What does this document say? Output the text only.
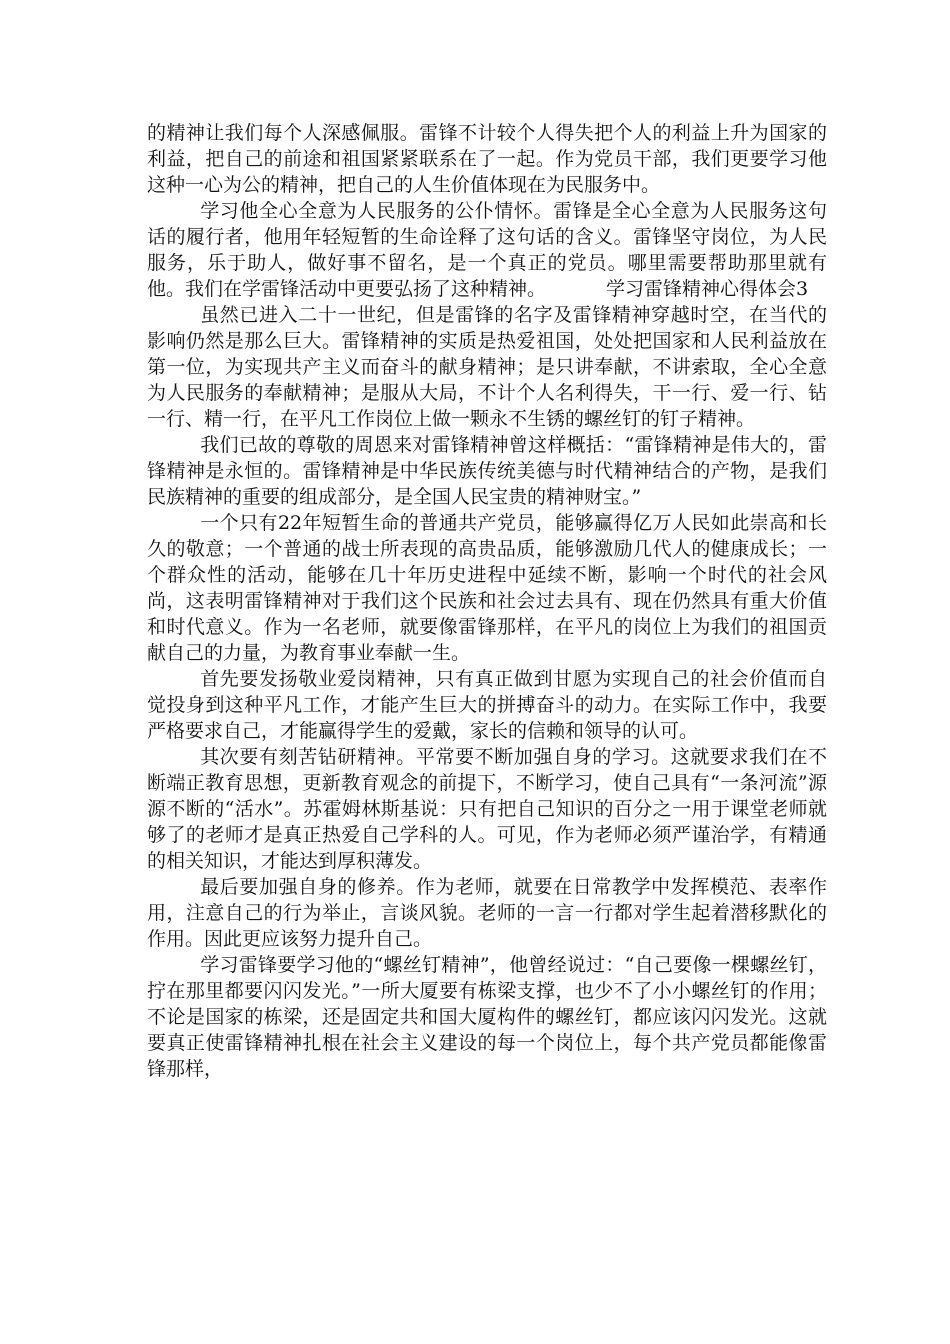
的精神让我们每个人深感佩服。雷锋不计较个人得失把个人的利益上升为国家的利益，把自己的前途和祖国紧紧联系在了一起。作为党员干部，我们更要学习他这种一心为公的精神，把自己的人生价值体现在为民服务中。

学习他全心全意为人民服务的公仆情怀。雷锋是全心全意为人民服务这句话的履行者，他用年轻短暂的生命诠释了这句话的含义。雷锋坚守岗位，为人民服务，乐于助人，做好事不留名，是一个真正的党员。哪里需要帮助那里就有他。我们在学雷锋活动中更要弘扬了这种精神。	学习雷锋精神心得体会3

虽然已进入二十一世纪，但是雷锋的名字及雷锋精神穿越时空，在当代的影响仍然是那么巨大。雷锋精神的实质是热爱祖国，处处把国家和人民利益放在第一位，为实现共产主义而奋斗的献身精神；是只讲奉献，不讲索取，全心全意为人民服务的奉献精神；是服从大局，不计个人名利得失，干一行、爱一行、钻一行、精一行，在平凡工作岗位上做一颗永不生锈的螺丝钉的钉子精神。

我们已故的尊敬的周恩来对雷锋精神曾这样概括：“雷锋精神是伟大的，雷锋精神是永恒的。雷锋精神是中华民族传统美德与时代精神结合的产物，是我们民族精神的重要的组成部分，是全国人民宝贵的精神财宝。”

一个只有22年短暂生命的普通共产党员，能够赢得亿万人民如此崇高和长久的敬意；一个普通的战士所表现的高贵品质，能够激励几代人的健康成长；一个群众性的活动，能够在几十年历史进程中延续不断，影响一个时代的社会风尚，这表明雷锋精神对于我们这个民族和社会过去具有、现在仍然具有重大价值和时代意义。作为一名老师，就要像雷锋那样，在平凡的岗位上为我们的祖国贡献自己的力量，为教育事业奉献一生。

首先要发扬敬业爱岗精神，只有真正做到甘愿为实现自己的社会价值而自觉投身到这种平凡工作，才能产生巨大的拼搏奋斗的动力。在实际工作中，我要严格要求自己，才能赢得学生的爱戴，家长的信赖和领导的认可。

其次要有刻苦钻研精神。平常要不断加强自身的学习。这就要求我们在不断端正教育思想，更新教育观念的前提下，不断学习，使自己具有“一条河流”源源不断的“活水”。苏霍姆林斯基说：只有把自己知识的百分之一用于课堂老师就够了的老师才是真正热爱自己学科的人。可见，作为老师必须严谨治学，有精通的相关知识，才能达到厚积薄发。

最后要加强自身的修养。作为老师，就要在日常教学中发挥模范、表率作用，注意自己的行为举止，言谈风貌。老师的一言一行都对学生起着潜移默化的作用。因此更应该努力提升自己。

学习雷锋要学习他的“螺丝钉精神”，他曾经说过：“自己要像一棵螺丝钉，拧在那里都要闪闪发光。”一所大厦要有栋梁支撑，也少不了小小螺丝钉的作用；不论是国家的栋梁，还是固定共和国大厦构件的螺丝钉，都应该闪闪发光。这就要真正使雷锋精神扎根在社会主义建设的每一个岗位上，每个共产党员都能像雷锋那样，
